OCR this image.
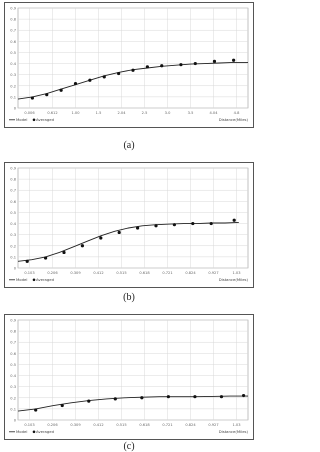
0.9
0.8
0.7
0.6
0.5
0.4
0.3
0.2
0.1
0
0.006	0.612	1.00	1.5	2.04	2.5	3.0	3.5	4.04	4.8
Model Averaged	Distance(Miles)
(a)
0.9
0.8
0.7
0.6
0.5
0.4
0.3
0.2
0.1
0
0.103	0.206	0.309	0.412	0.515	0.618	0.721	0.824	0.927	1.03
Model Averaged	Distance(Miles)
(b)
0.9
0.8
0.7
0.6
0.5
0.4
0.3
0.2
0.1
0
0.103	0.206	0.309	0.412	0.515	0.618	0.721	0.824	0.927	1.03
Model Averaged	Distance(Miles)
(c)
